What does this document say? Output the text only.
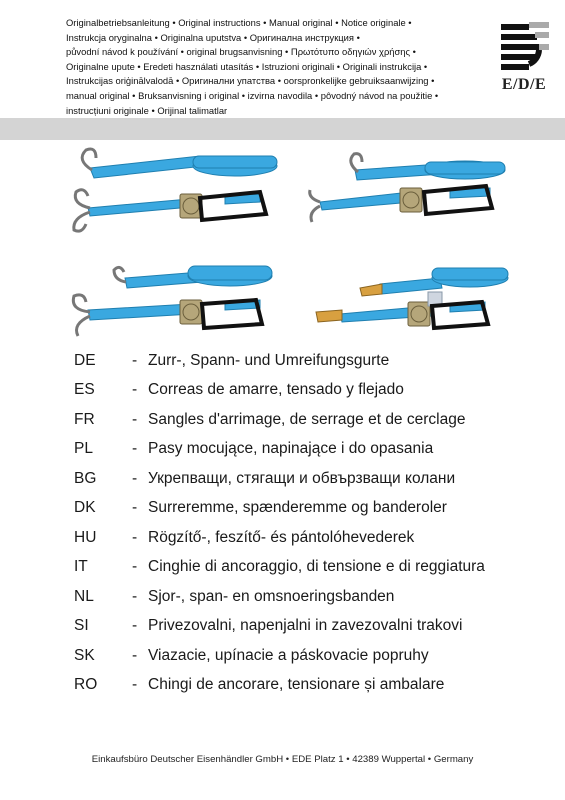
Originalbetriebsanleitung • Original instructions • Manual original • Notice originale •
Instrukcja oryginalna • Originalna uputstva • Оригинална инструкция •
původní návod k používání • original brugsanvisning • Πρωτότυπο οδηγιών χρήσης •
Originalne upute • Eredeti használati utasítás • Istruzioni originali • Originali instrukcija •
Instrukcijas oriģinālvalodā • Оригинални упатства • oorspronkelijke gebruiksaanwijzing •
manual original • Bruksanvisning i original • izvirna navodila • pôvodný návod na použitie •
instrucțiuni originale • Orijinal talimatlar
E/D/E
DE	- Zurr-, Spann- und Umreifungsgurte
ES	- Correas de amarre, tensado y flejado
FR	- Sangles d'arrimage, de serrage et de cerclage
PL	- Pasy mocujące, napinające i do opasania
BG	- Укрепващи, стягащи и обвързващи колани
DK	- Surreremme, spænderemme og banderoler
HU	- Rögzítő-, feszítő- és pántolóhevederek
IT	- Cinghie di ancoraggio, di tensione e di reggiatura
NL	- Sjor-, span- en omsnoeringsbanden
SI	- Privezovalni, napenjalni in zavezovalni trakovi
SK	- Viazacie, upínacie a páskovacie popruhy
RO	- Chingi de ancorare, tensionare și ambalare
Einkaufsbüro Deutscher Eisenhändler GmbH • EDE Platz 1 • 42389 Wuppertal • Germany
